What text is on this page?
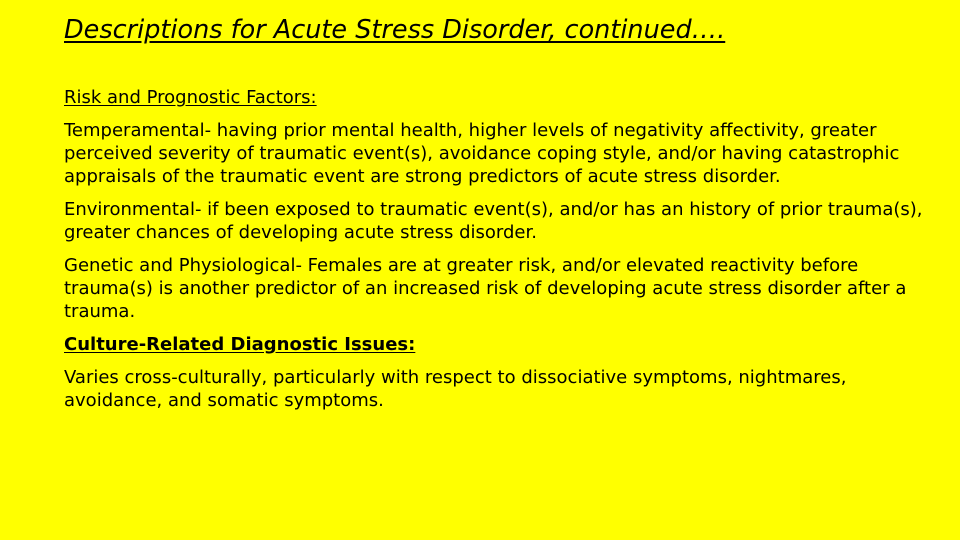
Descriptions for Acute Stress Disorder, continued….

Risk and Prognostic Factors:

Temperamental- having prior mental health, higher levels of negativity affectivity, greater perceived severity of traumatic event(s), avoidance coping style, and/or having catastrophic appraisals of the traumatic event are strong predictors of acute stress disorder.

Environmental- if been exposed to traumatic event(s), and/or has an history of prior trauma(s), greater chances of developing acute stress disorder.

Genetic and Physiological- Females are at greater risk, and/or elevated reactivity before trauma(s) is another predictor of an increased risk of developing acute stress disorder after a trauma.

Culture-Related Diagnostic Issues:

Varies cross-culturally, particularly with respect to dissociative symptoms, nightmares, avoidance, and somatic symptoms.
